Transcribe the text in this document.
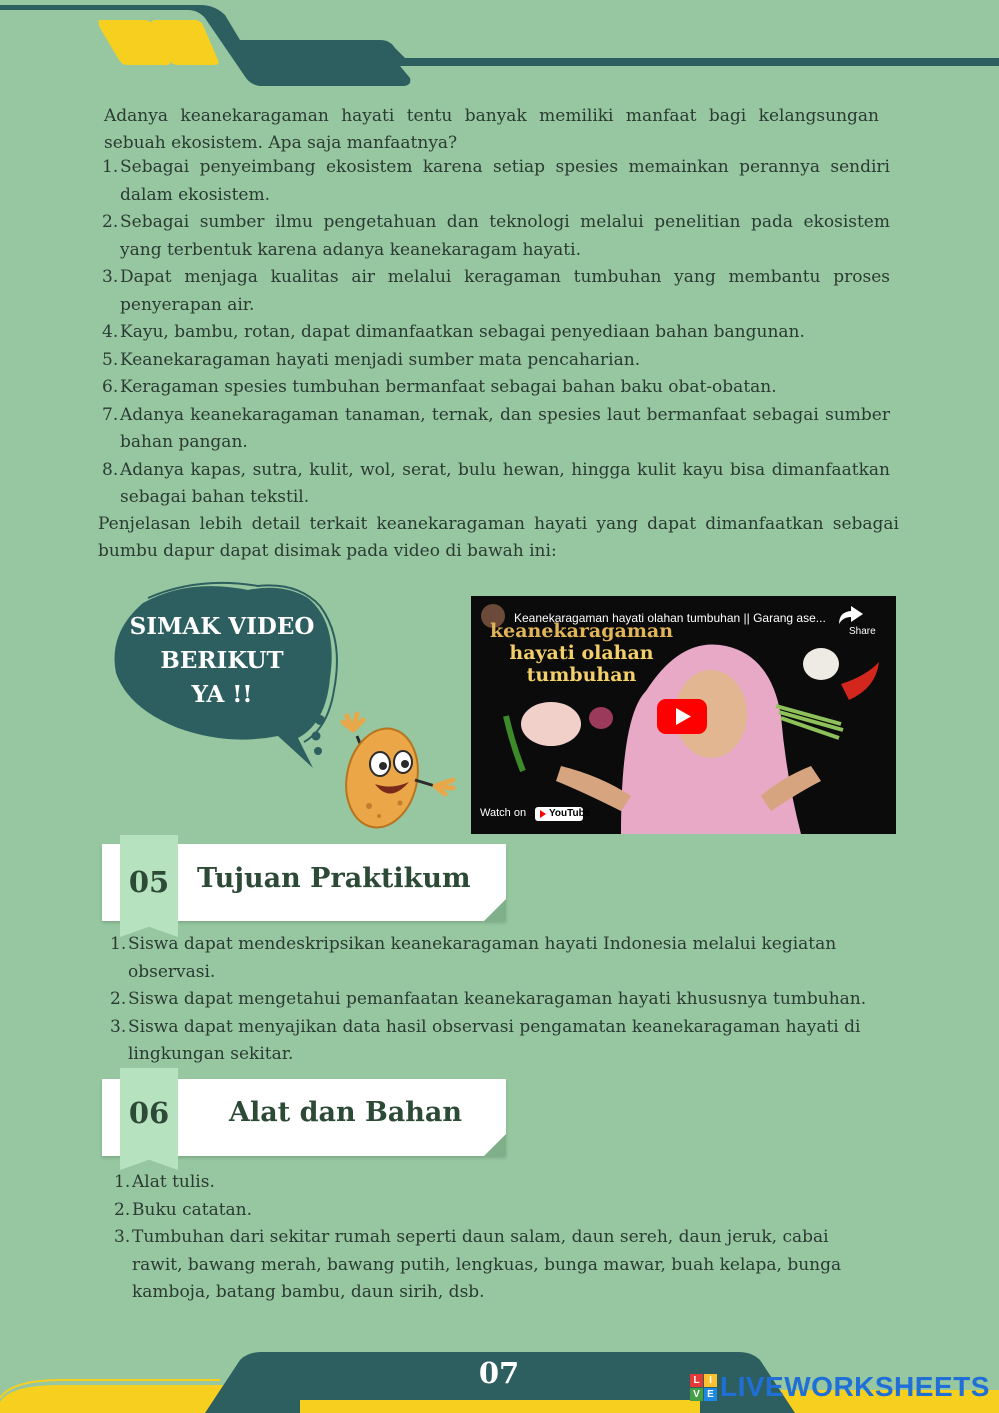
Adanya keanekaragaman hayati tentu banyak memiliki manfaat bagi kelangsungan sebuah ekosistem. Apa saja manfaatnya?

1. Sebagai penyeimbang ekosistem karena setiap spesies memainkan perannya sendiri dalam ekosistem.
2. Sebagai sumber ilmu pengetahuan dan teknologi melalui penelitian pada ekosistem yang terbentuk karena adanya keanekaragam hayati.
3. Dapat menjaga kualitas air melalui keragaman tumbuhan yang membantu proses penyerapan air.
4. Kayu, bambu, rotan, dapat dimanfaatkan sebagai penyediaan bahan bangunan.
5. Keanekaragaman hayati menjadi sumber mata pencaharian.
6. Keragaman spesies tumbuhan bermanfaat sebagai bahan baku obat-obatan.
7. Adanya keanekaragaman tanaman, ternak, dan spesies laut bermanfaat sebagai sumber bahan pangan.
8. Adanya kapas, sutra, kulit, wol, serat, bulu hewan, hingga kulit kayu bisa dimanfaatkan sebagai bahan tekstil.

Penjelasan lebih detail terkait keanekaragaman hayati yang dapat dimanfaatkan sebagai bumbu dapur dapat disimak pada video di bawah ini:

SIMAK VIDEO
BERIKUT
YA !!
Keanekaragaman hayati olahan tumbuhan || Garang ase...
Share
keanekaragaman
hayati olahan
tumbuhan
Watch on YouTube
05	Tujuan Praktikum
1. Siswa dapat mendeskripsikan keanekaragaman hayati Indonesia melalui kegiatan observasi.
2. Siswa dapat mengetahui pemanfaatan keanekaragaman hayati khususnya tumbuhan.
3. Siswa dapat menyajikan data hasil observasi pengamatan keanekaragaman hayati di lingkungan sekitar.
06	Alat dan Bahan
1. Alat tulis.
2. Buku catatan.
3. Tumbuhan dari sekitar rumah seperti daun salam, daun sereh, daun jeruk, cabai rawit, bawang merah, bawang putih, lengkuas, bunga mawar, buah kelapa, bunga kamboja, batang bambu, daun sirih, dsb.
07	L I
V E LIVEWORKSHEETS
